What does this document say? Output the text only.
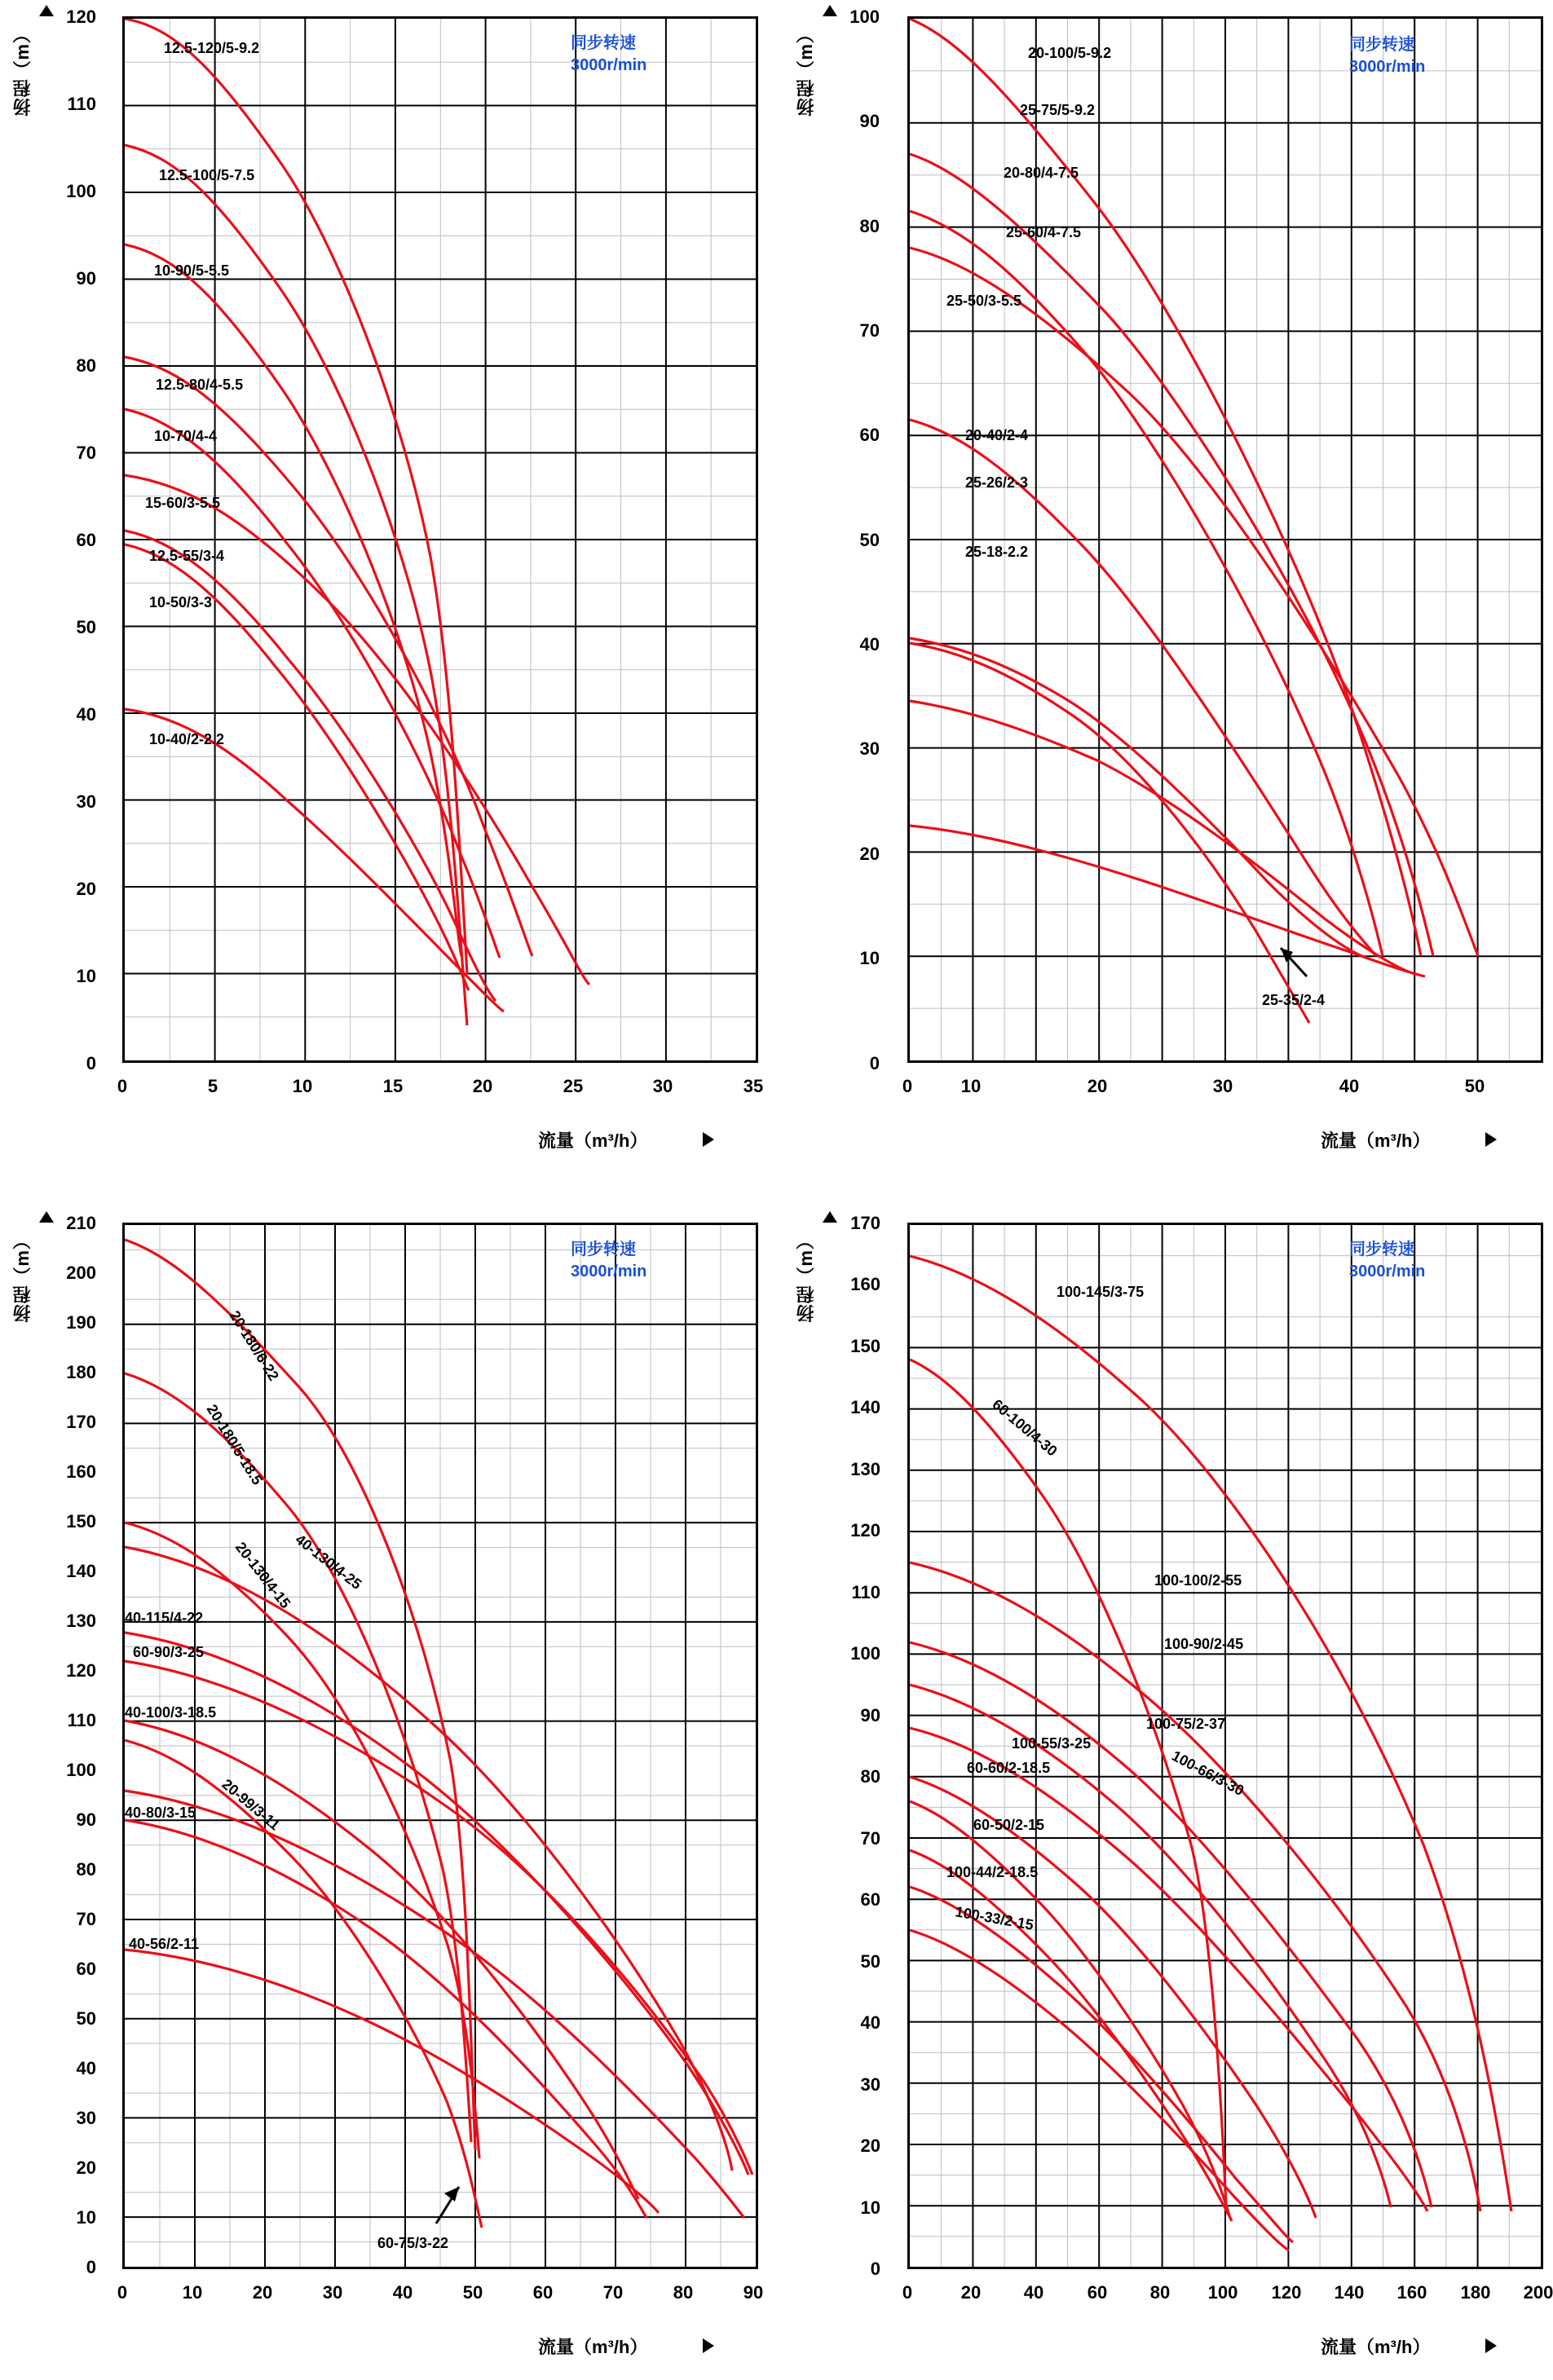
扬程（m）
120
110
100
90
80
70
60
50
40
30
20
10
0
12.5-120/5-9.2
12.5-100/5-7.5
10-90/5-5.5
12.5-80/4-5.5
10-70/4-4
15-60/3-5.5
12.5-55/3-4
10-50/3-3
10-40/2-2.2
同步转速
3000r/min
0	5	10	15	20	25	30	35
流量（m³/h）
扬程（m）
100
90
80
70
60
50
40
30
20
10
0
20-100/5-9.2
25-75/5-9.2
20-80/4-7.5
25-60/4-7.5
25-50/3-5.5
20-40/2-4
25-26/2-3
25-18-2.2
25-35/2-4
同步转速
3000r/min
0	10	20	30	40	50
流量（m³/h）
扬程（m）
210
200
190
180
170
160
150
140
130
120
110
100
90
80
70
60
50
40
30
20
10
0
20-180/6-22
20-180/5-18.5
20-130/4-15
40-130/4-25
40-115/4-22
60-90/3-25
40-100/3-18.5
20-99/3-11
40-80/3-15
40-56/2-11
60-75/3-22
同步转速
3000r/min
0	10	20	30	40	50	60	70	80	90
流量（m³/h）
扬程（m）
170
160
150
140
130
120
110
100
90
80
70
60
50
40
30
20
10
0
100-145/3-75
60-100/4-30
100-100/2-55
100-90/2-45
100-75/2-37
100-55/3-25
60-60/2-18.5	100-66/3-30
60-50/2-15
100-44/2-18.5
100-33/2-15
同步转速
3000r/min
0	20	40	60	80	100 120 140 160 180 200
流量（m³/h）
